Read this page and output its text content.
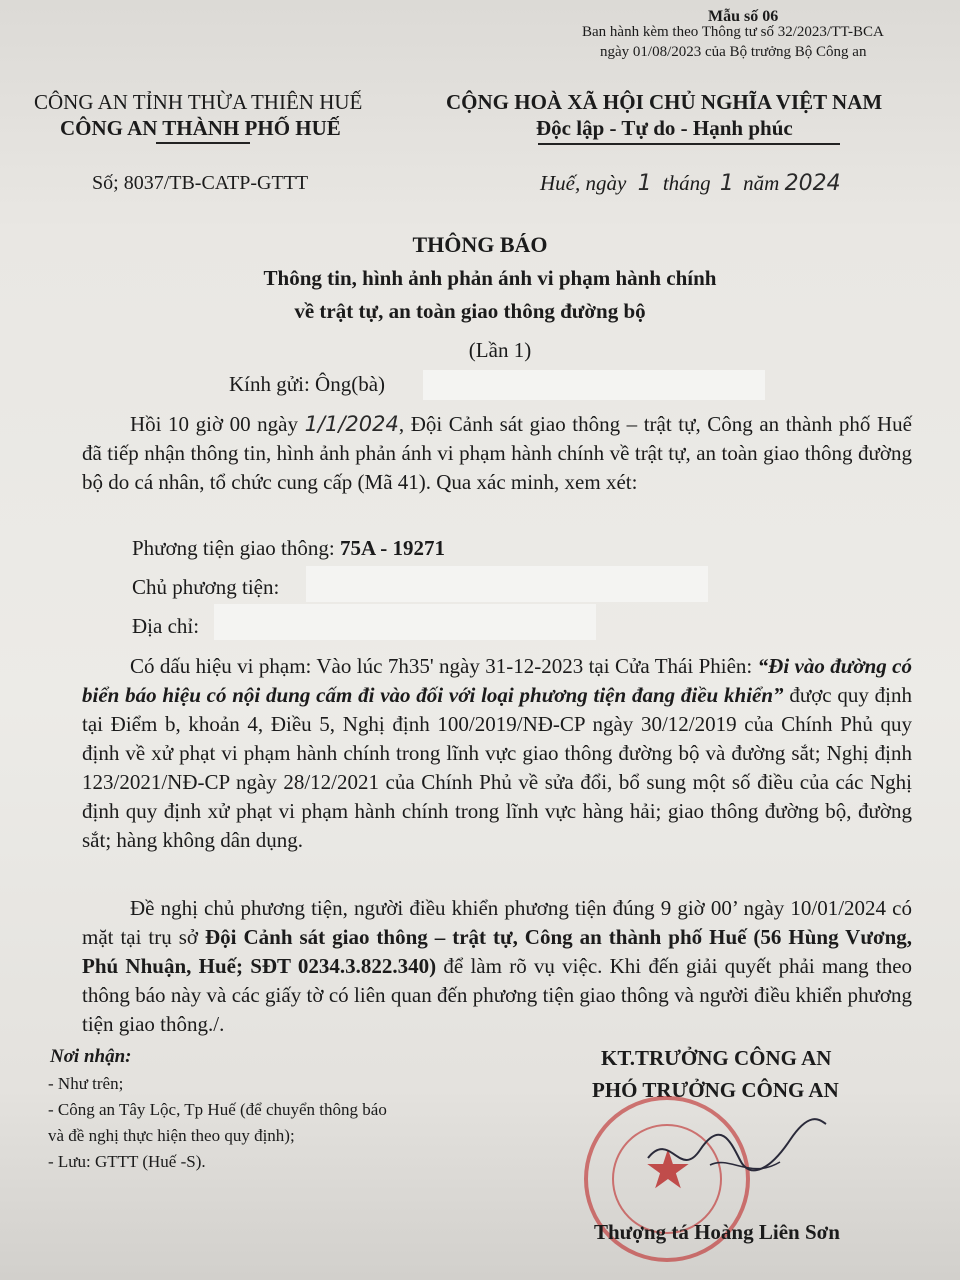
Mẫu số 06
Ban hành kèm theo Thông tư số 32/2023/TT-BCA
ngày 01/08/2023 của Bộ trưởng Bộ Công an
CÔNG AN TỈNH THỪA THIÊN HUẾ
CÔNG AN THÀNH PHỐ HUẾ
Số; 8037/TB-CATP-GTTT
CỘNG HOÀ XÃ HỘI CHỦ NGHĨA VIỆT NAM
Độc lập - Tự do - Hạnh phúc
Huế, ngày 1 tháng 1 năm 2024
THÔNG BÁO
Thông tin, hình ảnh phản ánh vi phạm hành chính
về trật tự, an toàn giao thông đường bộ
(Lần 1)
Kính gửi: Ông(bà)
Hồi 10 giờ 00 ngày 1/1/2024, Đội Cảnh sát giao thông – trật tự, Công an thành phố Huế đã tiếp nhận thông tin, hình ảnh phản ánh vi phạm hành chính về trật tự, an toàn giao thông đường bộ do cá nhân, tổ chức cung cấp (Mã 41). Qua xác minh, xem xét:
Phương tiện giao thông: 75A - 19271
Chủ phương tiện:
Địa chỉ:
Có dấu hiệu vi phạm: Vào lúc 7h35' ngày 31-12-2023 tại Cửa Thái Phiên: “Đi vào đường có biển báo hiệu có nội dung cấm đi vào đối với loại phương tiện đang điều khiển” được quy định tại Điểm b, khoản 4, Điều 5, Nghị định 100/2019/NĐ-CP ngày 30/12/2019 của Chính Phủ quy định về xử phạt vi phạm hành chính trong lĩnh vực giao thông đường bộ và đường sắt; Nghị định 123/2021/NĐ-CP ngày 28/12/2021 của Chính Phủ về sửa đổi, bổ sung một số điều của các Nghị định quy định xử phạt vi phạm hành chính trong lĩnh vực hàng hải; giao thông đường bộ, đường sắt; hàng không dân dụng.
Đề nghị chủ phương tiện, người điều khiển phương tiện đúng 9 giờ 00’ ngày 10/01/2024 có mặt tại trụ sở Đội Cảnh sát giao thông – trật tự, Công an thành phố Huế (56 Hùng Vương, Phú Nhuận, Huế; SĐT 0234.3.822.340) để làm rõ vụ việc. Khi đến giải quyết phải mang theo thông báo này và các giấy tờ có liên quan đến phương tiện giao thông và người điều khiển phương tiện giao thông./.
Nơi nhận:
- Như trên;
- Công an Tây Lộc, Tp Huế (để chuyển thông báo
và đề nghị thực hiện theo quy định);
- Lưu: GTTT (Huế -S).
KT.TRƯỞNG CÔNG AN
PHÓ TRƯỞNG CÔNG AN
★
Thượng tá Hoàng Liên Sơn
